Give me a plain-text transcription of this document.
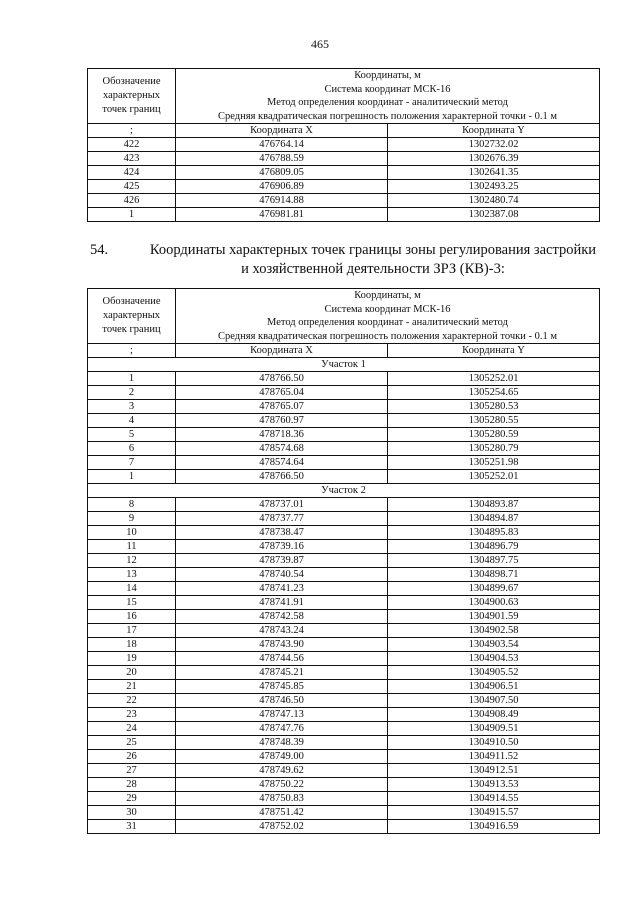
465
Обозначение
характерных
точек границ	Координаты, м	
	Система координат МСК-16	
	Метод определения координат - аналитический метод	
	Средняя квадратическая погрешность положения характерной точки - 0.1 м	
;	Координата X	Координата Y
422	476764.14	1302732.02
423	476788.59	1302676.39
424	476809.05	1302641.35
425	476906.89	1302493.25
426	476914.88	1302480.74
1	476981.81	1302387.08
54.	Координаты характерных точек границы зоны регулирования застройки
и хозяйственной деятельности ЗРЗ (КВ)-3:
Обозначение
характерных
точек границ	Координаты, м	
	Система координат МСК-16	
	Метод определения координат - аналитический метод	
	Средняя квадратическая погрешность положения характерной точки - 0.1 м	
;	Координата X	Координата Y
Участок 1		
1	478766.50	1305252.01
2	478765.04	1305254.65
3	478765.07	1305280.53
4	478760.97	1305280.55
5	478718.36	1305280.59
6	478574.68	1305280.79
7	478574.64	1305251.98
1	478766.50	1305252.01
Участок 2		
8	478737.01	1304893.87
9	478737.77	1304894.87
10	478738.47	1304895.83
11	478739.16	1304896.79
12	478739.87	1304897.75
13	478740.54	1304898.71
14	478741.23	1304899.67
15	478741.91	1304900.63
16	478742.58	1304901.59
17	478743.24	1304902.58
18	478743.90	1304903.54
19	478744.56	1304904.53
20	478745.21	1304905.52
21	478745.85	1304906.51
22	478746.50	1304907.50
23	478747.13	1304908.49
24	478747.76	1304909.51
25	478748.39	1304910.50
26	478749.00	1304911.52
27	478749.62	1304912.51
28	478750.22	1304913.53
29	478750.83	1304914.55
30	478751.42	1304915.57
31	478752.02	1304916.59
